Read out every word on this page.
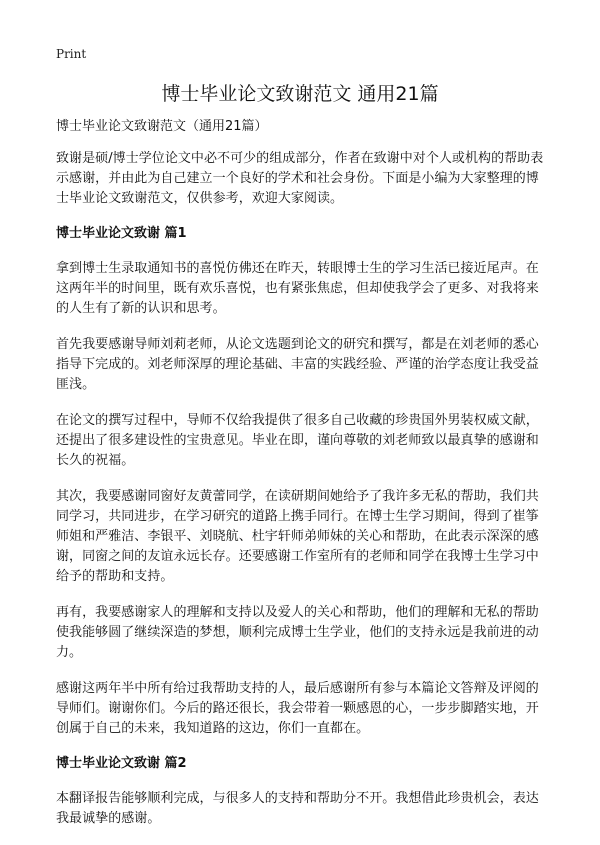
Print
博士毕业论文致谢范文 通用21篇

博士毕业论文致谢范文（通用21篇）

致谢是硕/博士学位论文中必不可少的组成部分，作者在致谢中对个人或机构的帮助表示感谢，并由此为自己建立一个良好的学术和社会身份。下面是小编为大家整理的博士毕业论文致谢范文，仅供参考，欢迎大家阅读。

博士毕业论文致谢 篇1

拿到博士生录取通知书的喜悦仿佛还在昨天，转眼博士生的学习生活已接近尾声。在这两年半的时间里，既有欢乐喜悦，也有紧张焦虑，但却使我学会了更多、对我将来的人生有了新的认识和思考。

首先我要感谢导师刘莉老师，从论文选题到论文的研究和撰写，都是在刘老师的悉心指导下完成的。刘老师深厚的理论基础、丰富的实践经验、严谨的治学态度让我受益匪浅。

在论文的撰写过程中，导师不仅给我提供了很多自己收藏的珍贵国外男装权威文献，还提出了很多建设性的宝贵意见。毕业在即，谨向尊敬的刘老师致以最真挚的感谢和长久的祝福。

其次，我要感谢同窗好友黄蕾同学，在读研期间她给予了我许多无私的帮助，我们共同学习，共同进步，在学习研究的道路上携手同行。在博士生学习期间，得到了崔筝师姐和严雅洁、李银平、刘晓航、杜宇轩师弟师妹的关心和帮助，在此表示深深的感谢，同窗之间的友谊永远长存。还要感谢工作室所有的老师和同学在我博士生学习中给予的帮助和支持。

再有，我要感谢家人的理解和支持以及爱人的关心和帮助，他们的理解和无私的帮助使我能够圆了继续深造的梦想，顺利完成博士生学业，他们的支持永远是我前进的动力。

感谢这两年半中所有给过我帮助支持的人，最后感谢所有参与本篇论文答辩及评阅的导师们。谢谢你们。今后的路还很长，我会带着一颗感恩的心，一步步脚踏实地，开创属于自己的未来，我知道路的这边，你们一直都在。

博士毕业论文致谢 篇2

本翻译报告能够顺利完成，与很多人的支持和帮助分不开。我想借此珍贵机会，表达我最诚挚的感谢。
